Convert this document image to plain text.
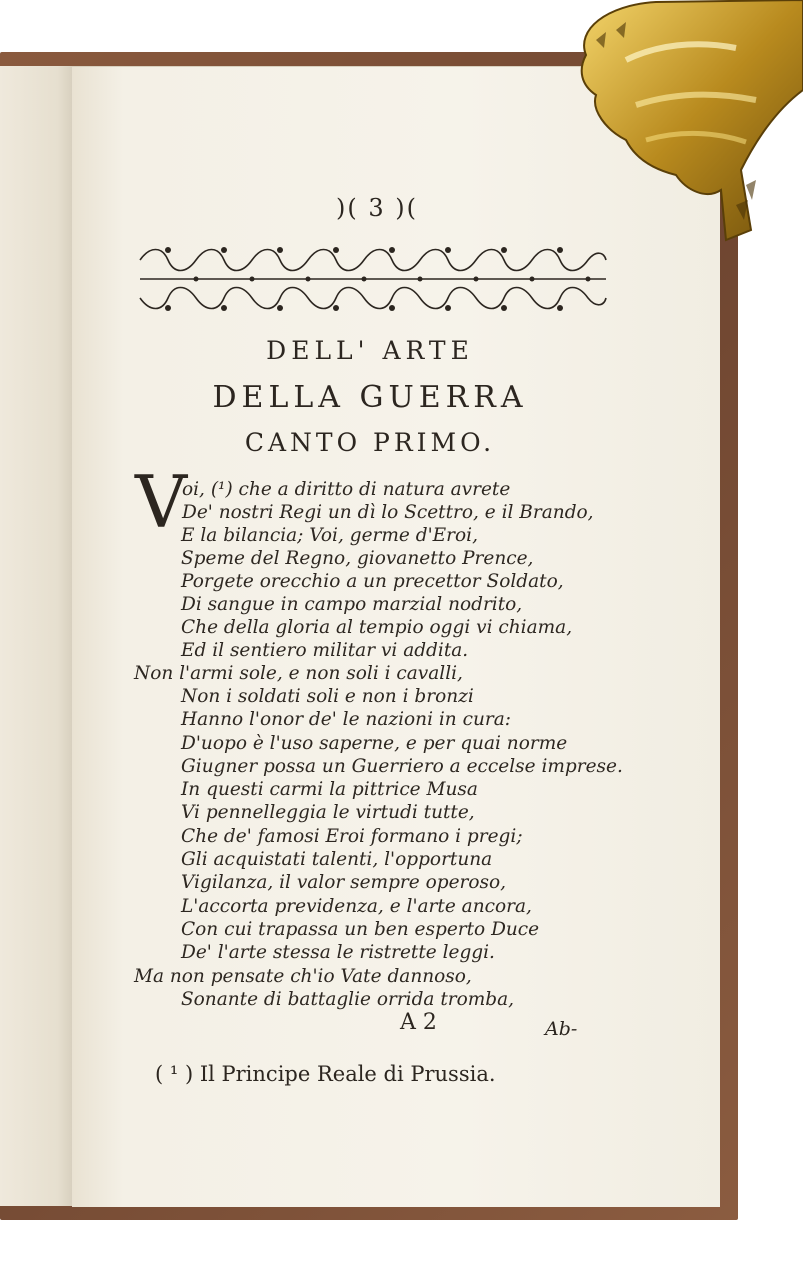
)( 3 )(
DELL' ARTE
DELLA GUERRA
CANTO PRIMO.
V
oi, (¹) che a diritto di natura avrete
De' nostri Regi un dì lo Scettro, e il Brando,
E la bilancia; Voi, germe d'Eroi,
Speme del Regno, giovanetto Prence,
Porgete orecchio a un precettor Soldato,
Di sangue in campo marzial nodrito,
Che della gloria al tempio oggi vi chiama,
Ed il sentiero militar vi addita.
Non l'armi sole, e non soli i cavalli,
Non i soldati soli e non i bronzi
Hanno l'onor de' le nazioni in cura:
D'uopo è l'uso saperne, e per quai norme
Giugner possa un Guerriero a eccelse imprese.
In questi carmi la pittrice Musa
Vi pennelleggia le virtudi tutte,
Che de' famosi Eroi formano i pregi;
Gli acquistati talenti, l'opportuna
Vigilanza, il valor sempre operoso,
L'accorta previdenza, e l'arte ancora,
Con cui trapassa un ben esperto Duce
De' l'arte stessa le ristrette leggi.
Ma non pensate ch'io Vate dannoso,
Sonante di battaglie orrida tromba,
A 2	Ab-
( ¹ ) Il Principe Reale di Prussia.
